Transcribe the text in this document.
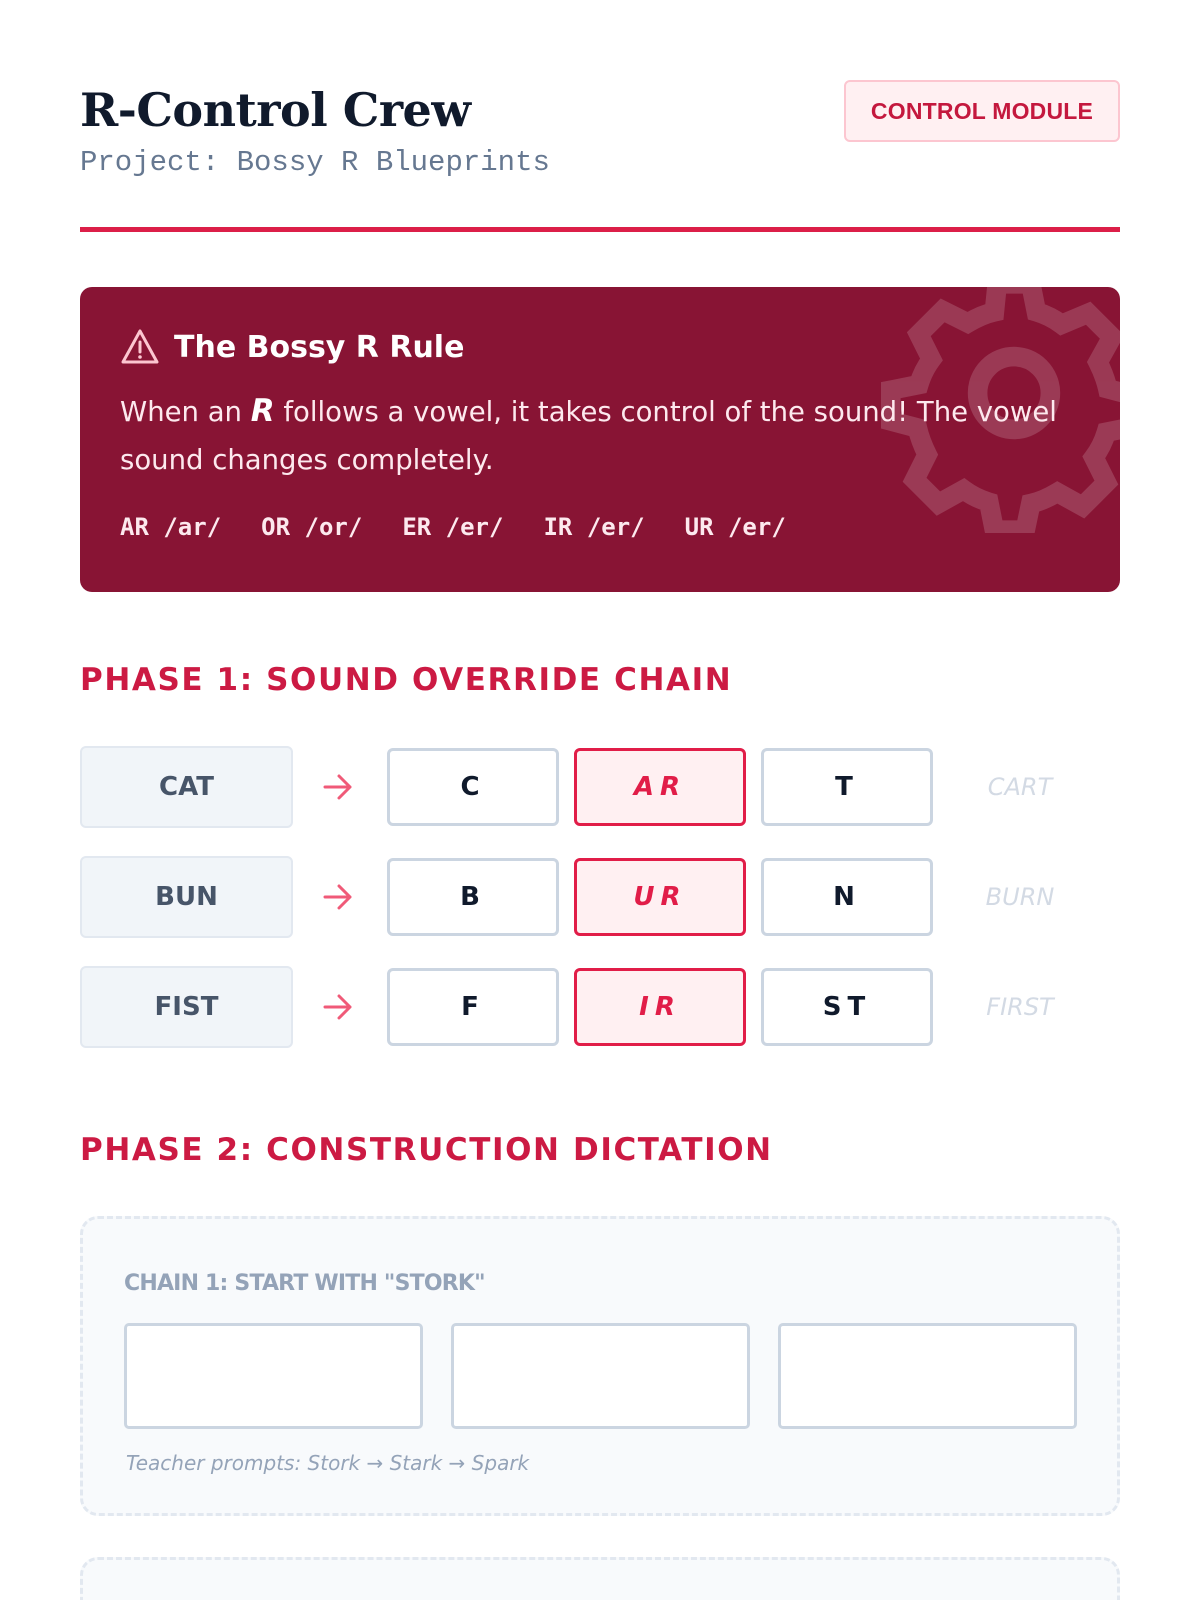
R-Control Crew
Project: Bossy R Blueprints
CONTROL MODULE
The Bossy R Rule

When an R follows a vowel, it takes control of the sound! The vowel sound changes completely.

AR /ar/ OR /or/ ER /er/ IR /er/ UR /er/
PHASE 1: SOUND OVERRIDE CHAIN
CAT	C	AR	T	CART
BUN	B	UR	N	BURN
FIST	F	IR	ST	FIRST
PHASE 2: CONSTRUCTION DICTATION
CHAIN 1: START WITH "STORK"
Teacher prompts: Stork → Stark → Spark
